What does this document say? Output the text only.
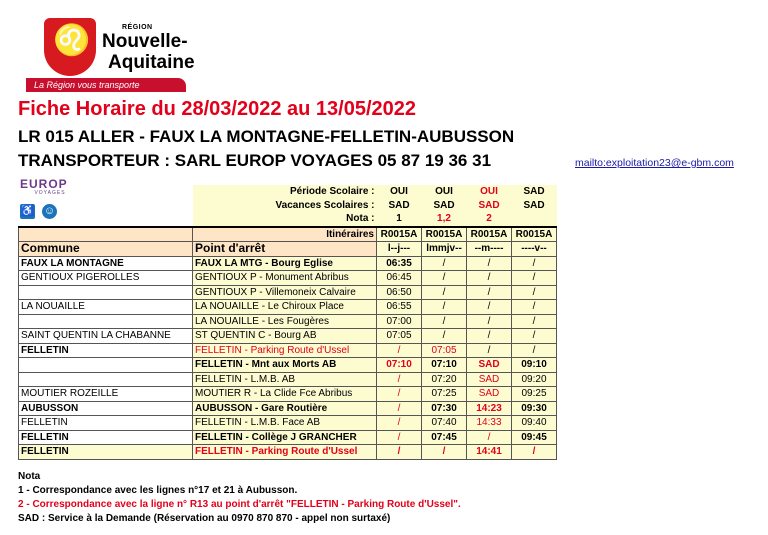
♌	RÉGION
Nouvelle-
Aquitaine
La Région vous transporte
Fiche Horaire du 28/03/2022 au 13/05/2022
LR 015 ALLER - FAUX LA MONTAGNE-FELLETIN-AUBUSSON
TRANSPORTEUR : SARL EUROP VOYAGES 05 87 19 36 31	mailto:exploitation23@e-gbm.com
EUROP
VOYAGES
♿ ☺
	Période Scolaire :	OUI	OUI	OUI	SAD
	Vacances Scolaires :	SAD	SAD	SAD	SAD
	Nota :	1	1,2	2	
	Itinéraires	R0015A	R0015A	R0015A	R0015A
Commune	Point d'arrêt	l--j---	lmmjv--	--m----	----v--
FAUX LA MONTAGNE	FAUX LA MTG - Bourg Eglise	06:35	/	/	/
GENTIOUX PIGEROLLES	GENTIOUX P - Monument Abribus	06:45	/	/	/
	GENTIOUX P - Villemoneix Calvaire	06:50	/	/	/
LA NOUAILLE	LA NOUAILLE - Le Chiroux Place	06:55	/	/	/
	LA NOUAILLE - Les Fougères	07:00	/	/	/
SAINT QUENTIN LA CHABANNE	ST QUENTIN C - Bourg AB	07:05	/	/	/
FELLETIN	FELLETIN - Parking Route d'Ussel	/	07:05	/	/
	FELLETIN - Mnt aux Morts AB	07:10	07:10	SAD	09:10
	FELLETIN - L.M.B. AB	/	07:20	SAD	09:20
MOUTIER ROZEILLE	MOUTIER R - La Clide Fce Abribus	/	07:25	SAD	09:25
AUBUSSON	AUBUSSON - Gare Routière	/	07:30	14:23	09:30
FELLETIN	FELLETIN - L.M.B. Face AB	/	07:40	14:33	09:40
FELLETIN	FELLETIN - Collège J GRANCHER	/	07:45	/	09:45
FELLETIN	FELLETIN - Parking Route d'Ussel	/	/	14:41	/
Nota
1 - Correspondance avec les lignes n°17 et 21 à Aubusson.
2 - Correspondance avec la ligne n° R13 au point d'arrêt "FELLETIN - Parking Route d'Ussel".
SAD : Service à la Demande (Réservation au 0970 870 870 - appel non surtaxé)
